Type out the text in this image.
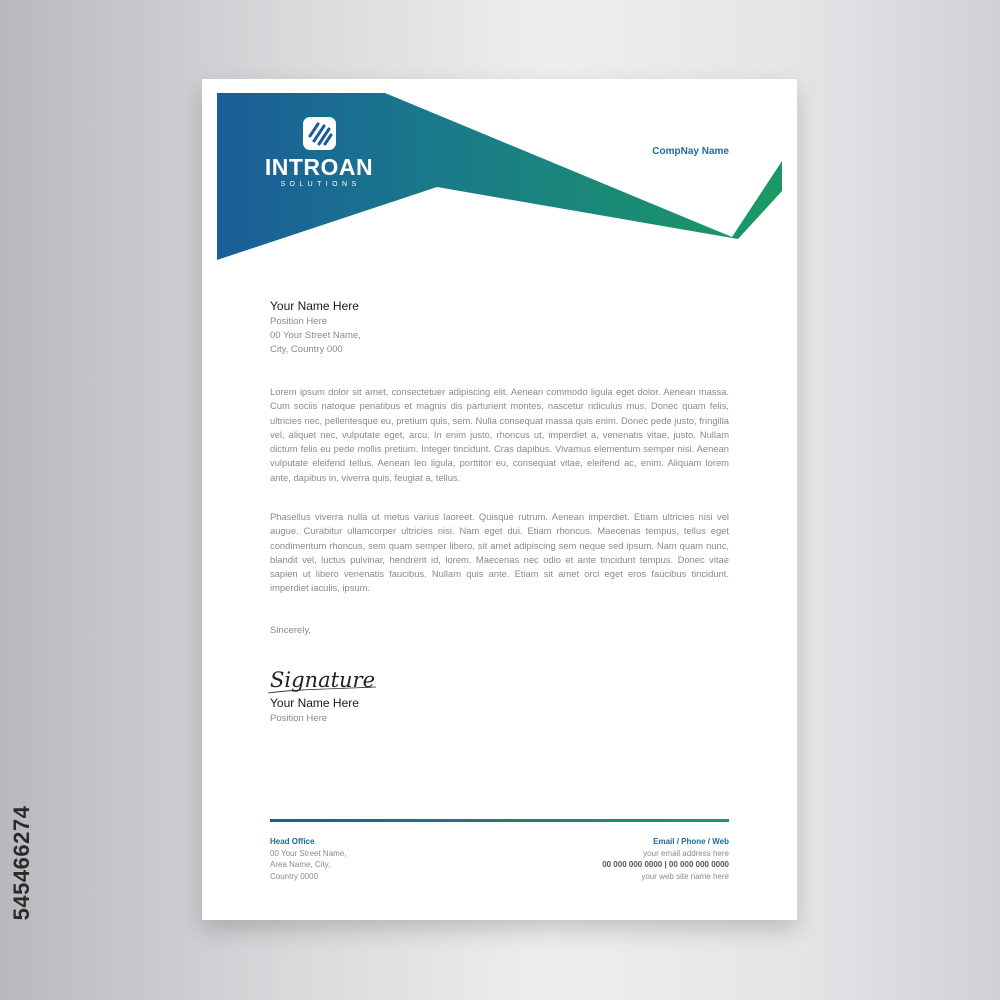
545466274
INTROAN
SOLUTIONS
CompNay Name
Your Name Here
Position Here
00 Your Street Name,
City, Country 000
Lorem ipsum dolor sit amet, consectetuer adipiscing elit. Aenean commodo ligula eget dolor. Aenean massa. Cum sociis natoque penatibus et magnis dis parturient montes, nascetur ridiculus mus. Donec quam felis, ultricies nec, pellentesque eu, pretium quis, sem. Nulla consequat massa quis enim. Donec pede justo, fringilla vel, aliquet nec, vulputate eget, arcu. In enim justo, rhoncus ut, imperdiet a, venenatis vitae, justo. Nullam dictum felis eu pede mollis pretium. Integer tincidunt. Cras dapibus. Vivamus elementum semper nisi. Aenean vulputate eleifend tellus. Aenean leo ligula, porttitor eu, consequat vitae, eleifend ac, enim. Aliquam lorem ante, dapibus in, viverra quis, feugiat a, tellus.
Phasellus viverra nulla ut metus varius laoreet. Quisque rutrum. Aenean imperdiet. Etiam ultricies nisi vel augue. Curabitur ullamcorper ultricies nisi. Nam eget dui. Etiam rhoncus. Maecenas tempus, tellus eget condimentum rhoncus, sem quam semper libero, sit amet adipiscing sem neque sed ipsum. Nam quam nunc, blandit vel, luctus pulvinar, hendrerit id, lorem. Maecenas nec odio et ante tincidunt tempus. Donec vitae sapien ut libero venenatis faucibus. Nullam quis ante. Etiam sit amet orci eget eros faucibus tincidunt. imperdiet iaculis, ipsum.
Sincerely,
Signature
Your Name Here
Position Here
Head Office
00 Your Street Name,
Area Name, City,
Country 0000
Email / Phone / Web
your email address here
00 000 000 0000 | 00 000 000 0000
your web site name here
